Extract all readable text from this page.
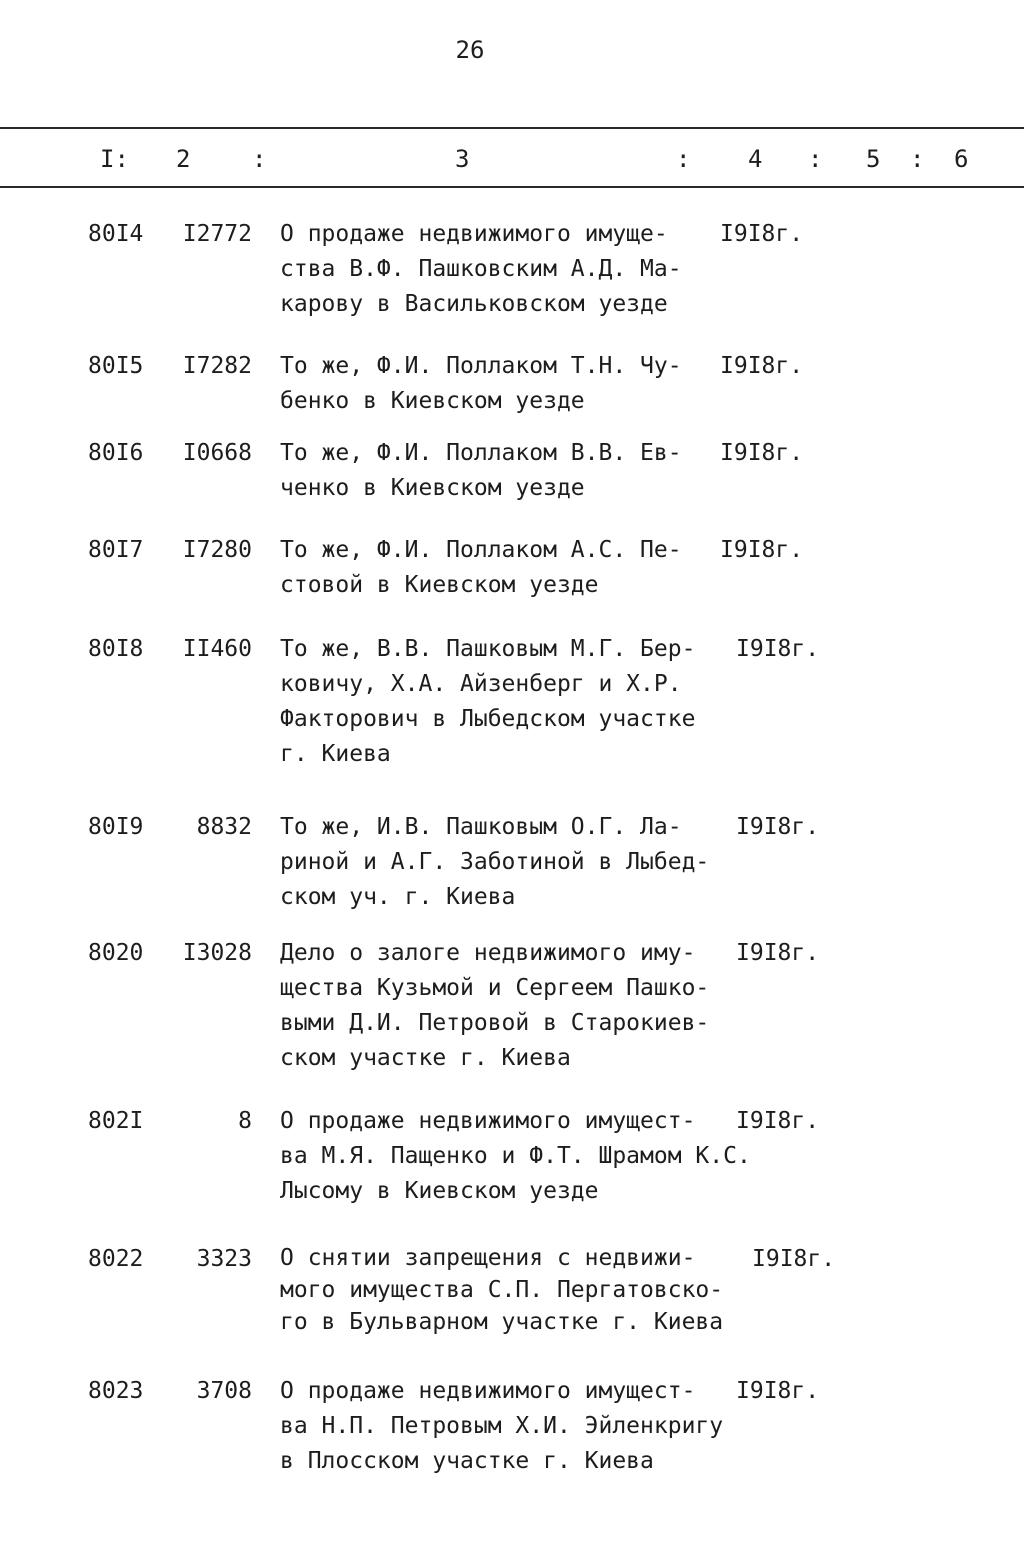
26
I: 2	:	3	: 4 : 5 : 6
80I4	I2772 О продаже недвижимого имуще-
ства В.Ф. Пашковским А.Д. Ма-
карову в Васильковском уезде
I9I8г.
80I5	I7282 То же, Ф.И. Поллаком Т.Н. Чу-
бенко в Киевском уезде
I9I8г.
80I6	I0668 То же, Ф.И. Поллаком В.В. Ев-
ченко в Киевском уезде
I9I8г.
80I7	I7280 То же, Ф.И. Поллаком А.С. Пе-
стовой в Киевском уезде
I9I8г.
80I8	II460 То же, В.В. Пашковым М.Г. Бер-
ковичу, Х.А. Айзенберг и Х.Р.
Факторович в Лыбедском участке
г. Киева
I9I8г.
80I9	8832 То же, И.В. Пашковым О.Г. Ла-
риной и А.Г. Заботиной в Лыбед-
ском уч. г. Киева
I9I8г.
8020	I3028 Дело о залоге недвижимого иму-
щества Кузьмой и Сергеем Пашко-
выми Д.И. Петровой в Старокиев-
ском участке г. Киева
I9I8г.
802I	8 О продаже недвижимого имущест-
ва М.Я. Пащенко и Ф.Т. Шрамом К.С.
Лысому в Киевском уезде
I9I8г.
8022	3323 О снятии запрещения с недвижи-
мого имущества С.П. Пергатовско-
го в Бульварном участке г. Киева
I9I8г.
8023	3708 О продаже недвижимого имущест-
ва Н.П. Петровым Х.И. Эйленкригу
в Плосском участке г. Киева
I9I8г.
